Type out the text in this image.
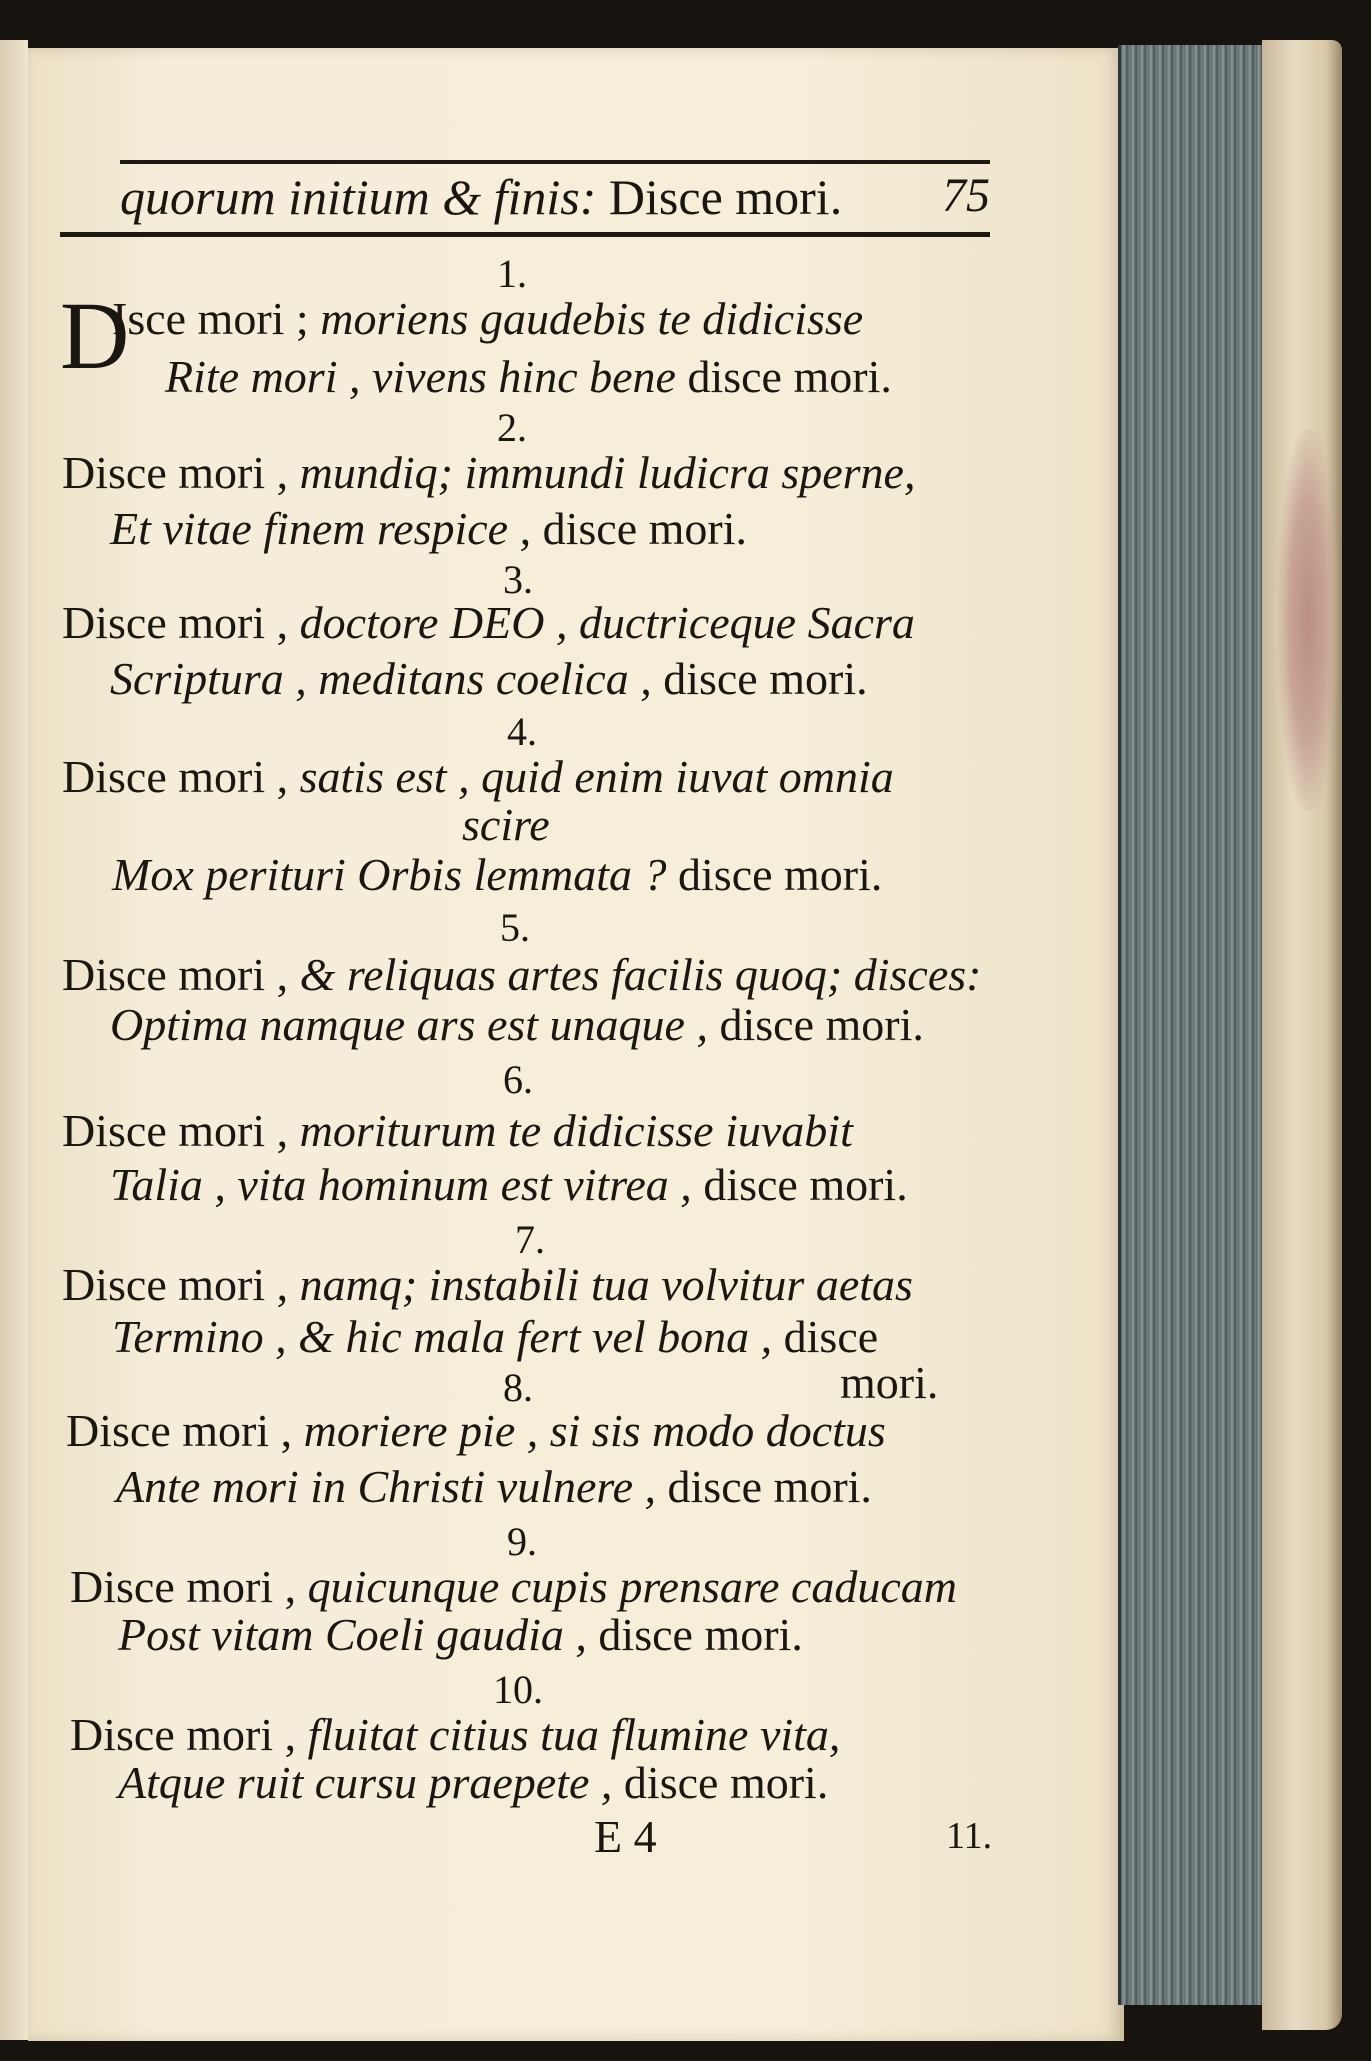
quorum initium & finis: Disce mori. 75
1.
D
Isce mori ; moriens gaudebis te didicisse
Rite mori , vivens hinc bene disce mori.
2.
Disce mori , mundiq; immundi ludicra sperne,
Et vitae finem respice , disce mori.
3.
Disce mori , doctore DEO , ductriceque Sacra
Scriptura , meditans coelica , disce mori.
4.
Disce mori , satis est , quid enim iuvat omnia
scire
Mox perituri Orbis lemmata ? disce mori.
5.
Disce mori , & reliquas artes facilis quoq; disces:
Optima namque ars est unaque , disce mori.
6.
Disce mori , moriturum te didicisse iuvabit
Talia , vita hominum est vitrea , disce mori.
7.
Disce mori , namq; instabili tua volvitur aetas
Termino , & hic mala fert vel bona , disce
mori.
8.
Disce mori , moriere pie , si sis modo doctus
Ante mori in Christi vulnere , disce mori.
9.
Disce mori , quicunque cupis prensare caducam
Post vitam Coeli gaudia , disce mori.
10.
Disce mori , fluitat citius tua flumine vita,
Atque ruit cursu praepete , disce mori.
E 4	11.
